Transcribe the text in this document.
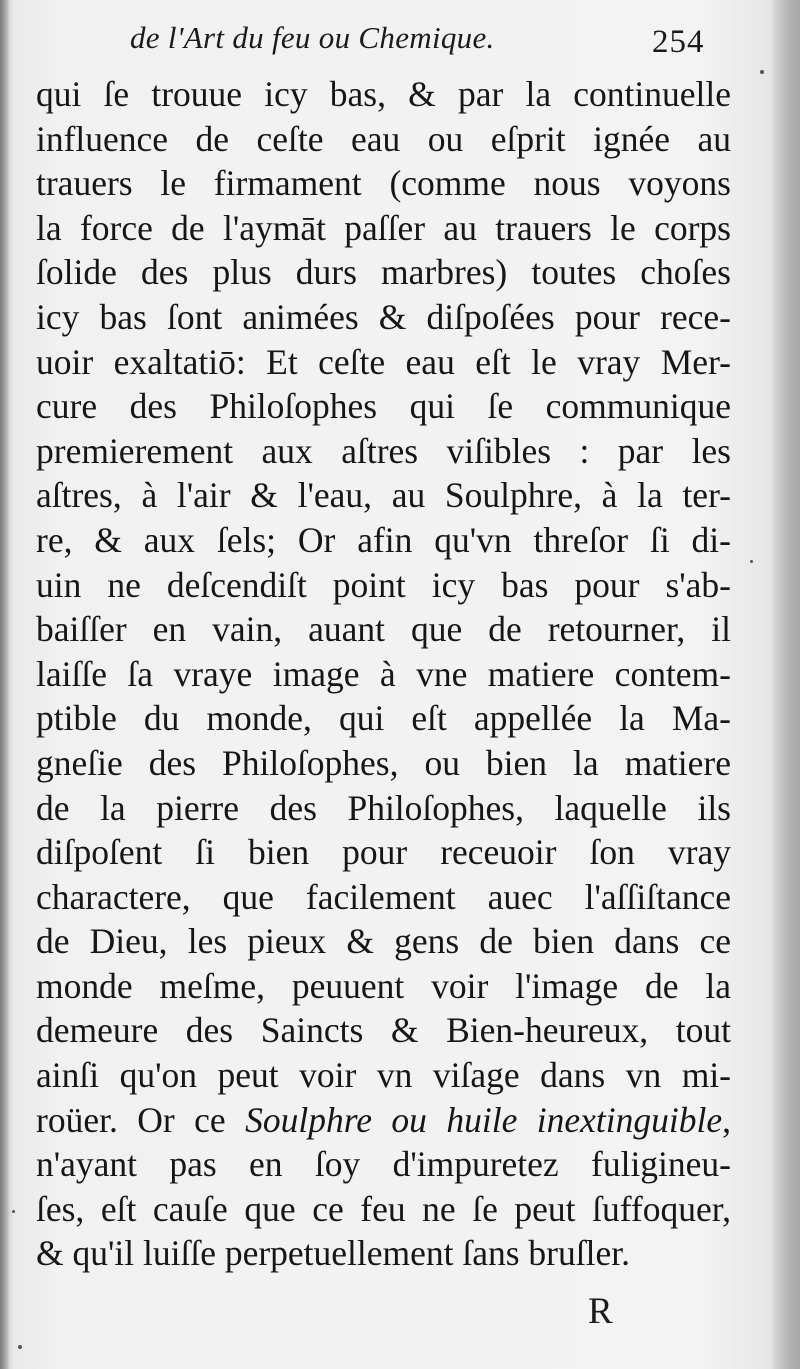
de l'Art du feu ou Chemique.	254
qui ſe trouue icy bas, & par la continuelle
influence de ceſte eau ou eſprit ignée au
trauers le firmament (comme nous voyons
la force de l'aymāt paſſer au trauers le corps
ſolide des plus durs marbres) toutes choſes
icy bas ſont animées & diſpoſées pour rece-
uoir exaltatiō: Et ceſte eau eſt le vray Mer-
cure des Philoſophes qui ſe communique
premierement aux aſtres viſibles : par les
aſtres, à l'air & l'eau, au Soulphre, à la ter-
re, & aux ſels; Or afin qu'vn threſor ſi di-
uin ne deſcendiſt point icy bas pour s'ab-
baiſſer en vain, auant que de retourner, il
laiſſe ſa vraye image à vne matiere contem-
ptible du monde, qui eſt appellée la Ma-
gneſie des Philoſophes, ou bien la matiere
de la pierre des Philoſophes, laquelle ils
diſpoſent ſi bien pour receuoir ſon vray
character​e, que facilement auec l'aſſiſtance
de Dieu, les pieux & gens de bien dans ce
monde meſme, peuuent voir l'image de la
demeure des Saincts & Bien-heureux, tout
ainſi qu'on peut voir vn viſage dans vn mi-
roüer. Or ce Soulphre ou huile inextinguible,
n'ayant pas en ſoy d'impuretez fuligineu-
ſes, eſt cauſe que ce feu ne ſe peut ſuffoquer,
& qu'il luiſſe perpetuellement ſans bruſler.
R
